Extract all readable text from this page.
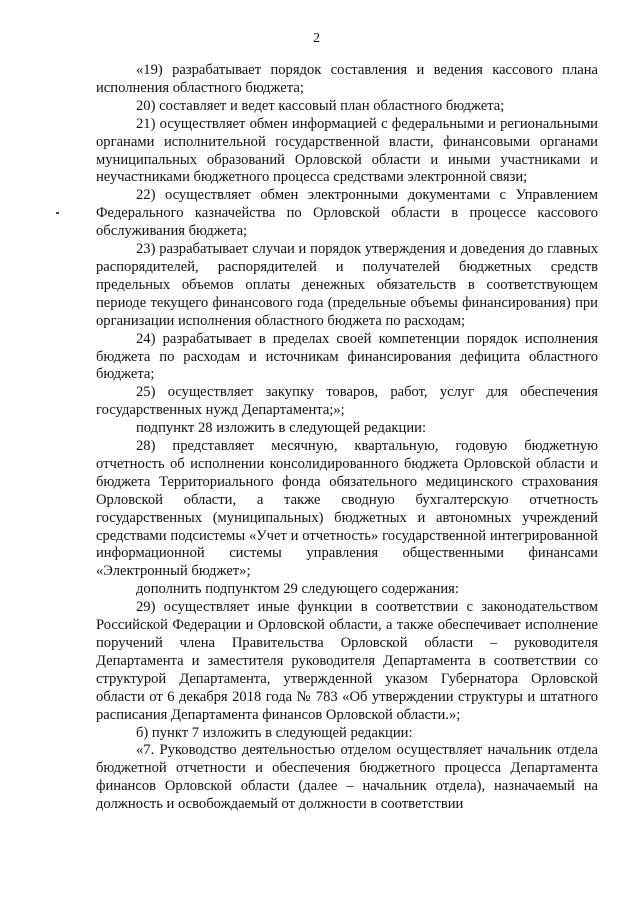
2

«19) разрабатывает порядок составления и ведения кассового плана исполнения областного бюджета;

20) составляет и ведет кассовый план областного бюджета;

21) осуществляет обмен информацией с федеральными и региональными органами исполнительной государственной власти, финансовыми органами муниципальных образований Орловской области и иными участниками и неучастниками бюджетного процесса средствами электронной связи;

22) осуществляет обмен электронными документами с Управлением Федерального казначейства по Орловской области в процессе кассового обслуживания бюджета;

23) разрабатывает случаи и порядок утверждения и доведения до главных распорядителей, распорядителей и получателей бюджетных средств предельных объемов оплаты денежных обязательств в соответствующем периоде текущего финансового года (предельные объемы финансирования) при организации исполнения областного бюджета по расходам;

24) разрабатывает в пределах своей компетенции порядок исполнения бюджета по расходам и источникам финансирования дефицита областного бюджета;

25) осуществляет закупку товаров, работ, услуг для обеспечения государственных нужд Департамента;»;

подпункт 28 изложить в следующей редакции:

28) представляет месячную, квартальную, годовую бюджетную отчетность об исполнении консолидированного бюджета Орловской области и бюджета Территориального фонда обязательного медицинского страхования Орловской области, а также сводную бухгалтерскую отчетность государственных (муниципальных) бюджетных и автономных учреждений средствами подсистемы «Учет и отчетность» государственной интегрированной информационной системы управления общественными финансами «Электронный бюджет»;

дополнить подпунктом 29 следующего содержания:

29) осуществляет иные функции в соответствии с законодательством Российской Федерации и Орловской области, а также обеспечивает исполнение поручений члена Правительства Орловской области – руководителя Департамента и заместителя руководителя Департамента в соответствии со структурой Департамента, утвержденной указом Губернатора Орловской области от 6 декабря 2018 года № 783 «Об утверждении структуры и штатного расписания Департамента финансов Орловской области.»;

б) пункт 7 изложить в следующей редакции:

«7. Руководство деятельностью отделом осуществляет начальник отдела бюджетной отчетности и обеспечения бюджетного процесса Департамента финансов Орловской области (далее – начальник отдела), назначаемый на должность и освобождаемый от должности в соответствии
